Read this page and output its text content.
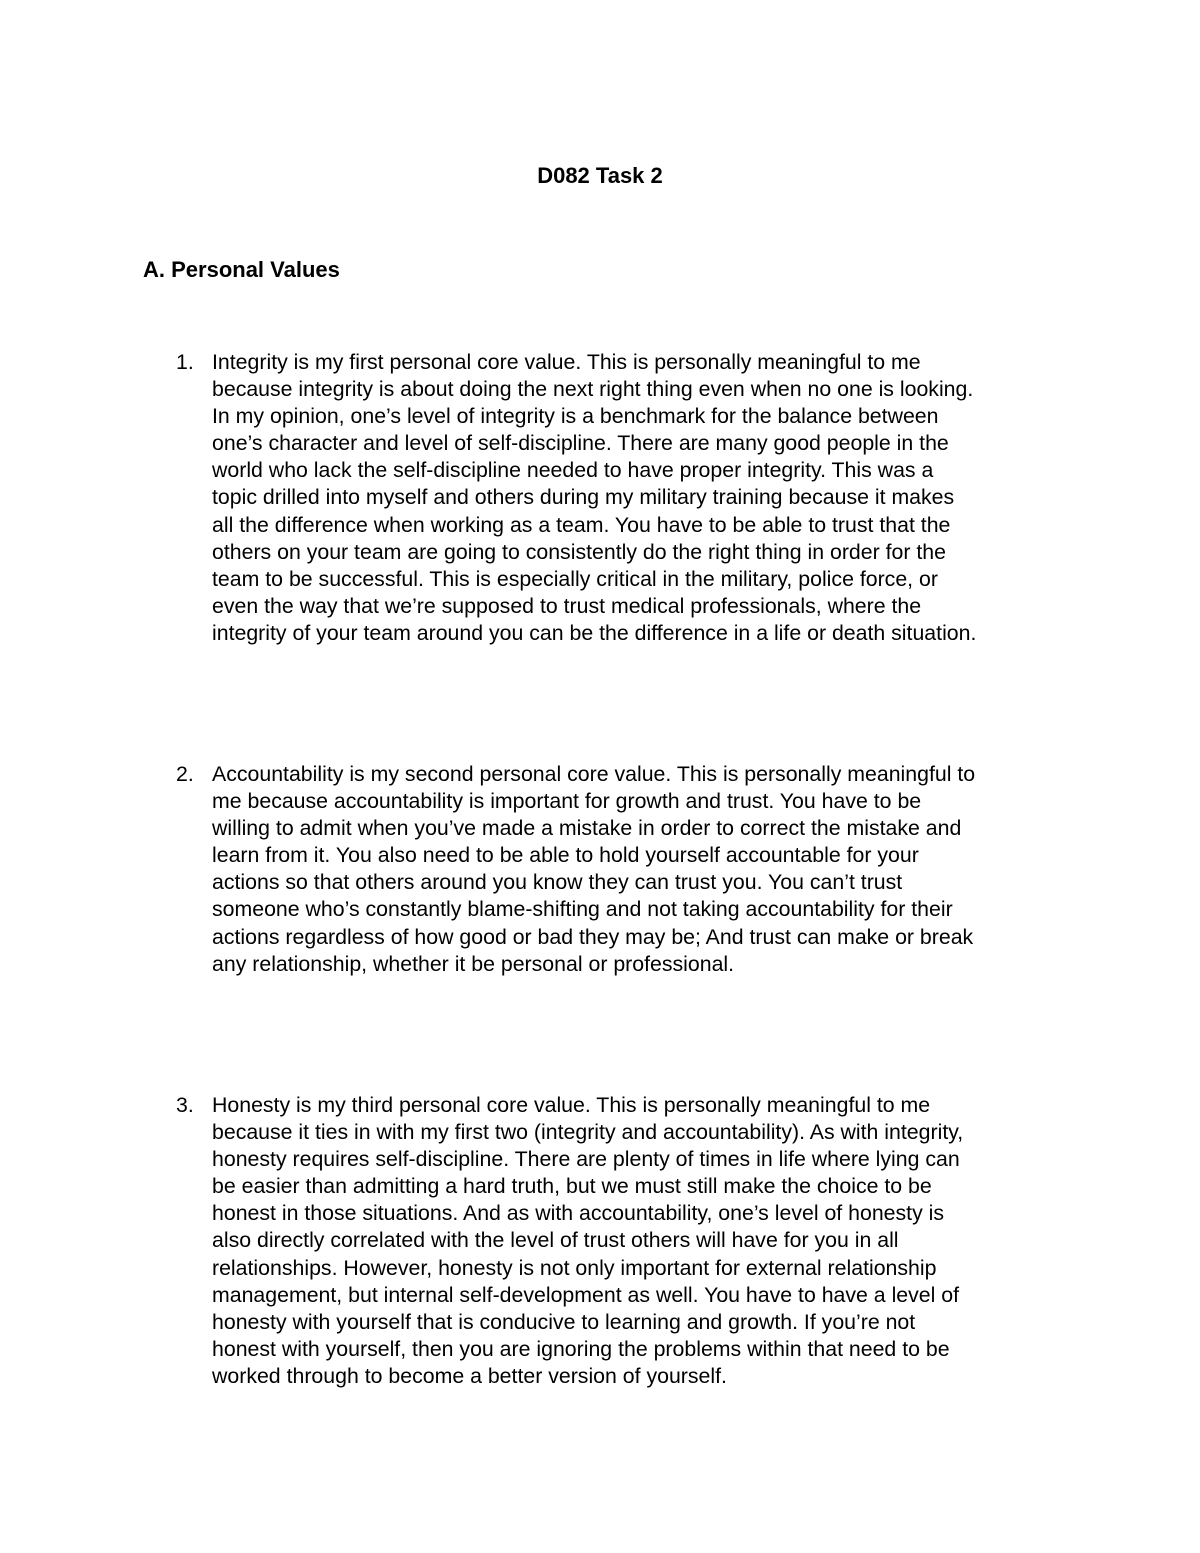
D082 Task 2
A. Personal Values
1. Integrity is my first personal core value. This is personally meaningful to me
because integrity is about doing the next right thing even when no one is looking.
In my opinion, one’s level of integrity is a benchmark for the balance between
one’s character and level of self-discipline. There are many good people in the
world who lack the self-discipline needed to have proper integrity. This was a
topic drilled into myself and others during my military training because it makes
all the difference when working as a team. You have to be able to trust that the
others on your team are going to consistently do the right thing in order for the
team to be successful. This is especially critical in the military, police force, or
even the way that we’re supposed to trust medical professionals, where the
integrity of your team around you can be the difference in a life or death situation.
2. Accountability is my second personal core value. This is personally meaningful to
me because accountability is important for growth and trust. You have to be
willing to admit when you’ve made a mistake in order to correct the mistake and
learn from it. You also need to be able to hold yourself accountable for your
actions so that others around you know they can trust you. You can’t trust
someone who’s constantly blame-shifting and not taking accountability for their
actions regardless of how good or bad they may be; And trust can make or break
any relationship, whether it be personal or professional.
3. Honesty is my third personal core value. This is personally meaningful to me
because it ties in with my first two (integrity and accountability). As with integrity,
honesty requires self-discipline. There are plenty of times in life where lying can
be easier than admitting a hard truth, but we must still make the choice to be
honest in those situations. And as with accountability, one’s level of honesty is
also directly correlated with the level of trust others will have for you in all
relationships. However, honesty is not only important for external relationship
management, but internal self-development as well. You have to have a level of
honesty with yourself that is conducive to learning and growth. If you’re not
honest with yourself, then you are ignoring the problems within that need to be
worked through to become a better version of yourself.
